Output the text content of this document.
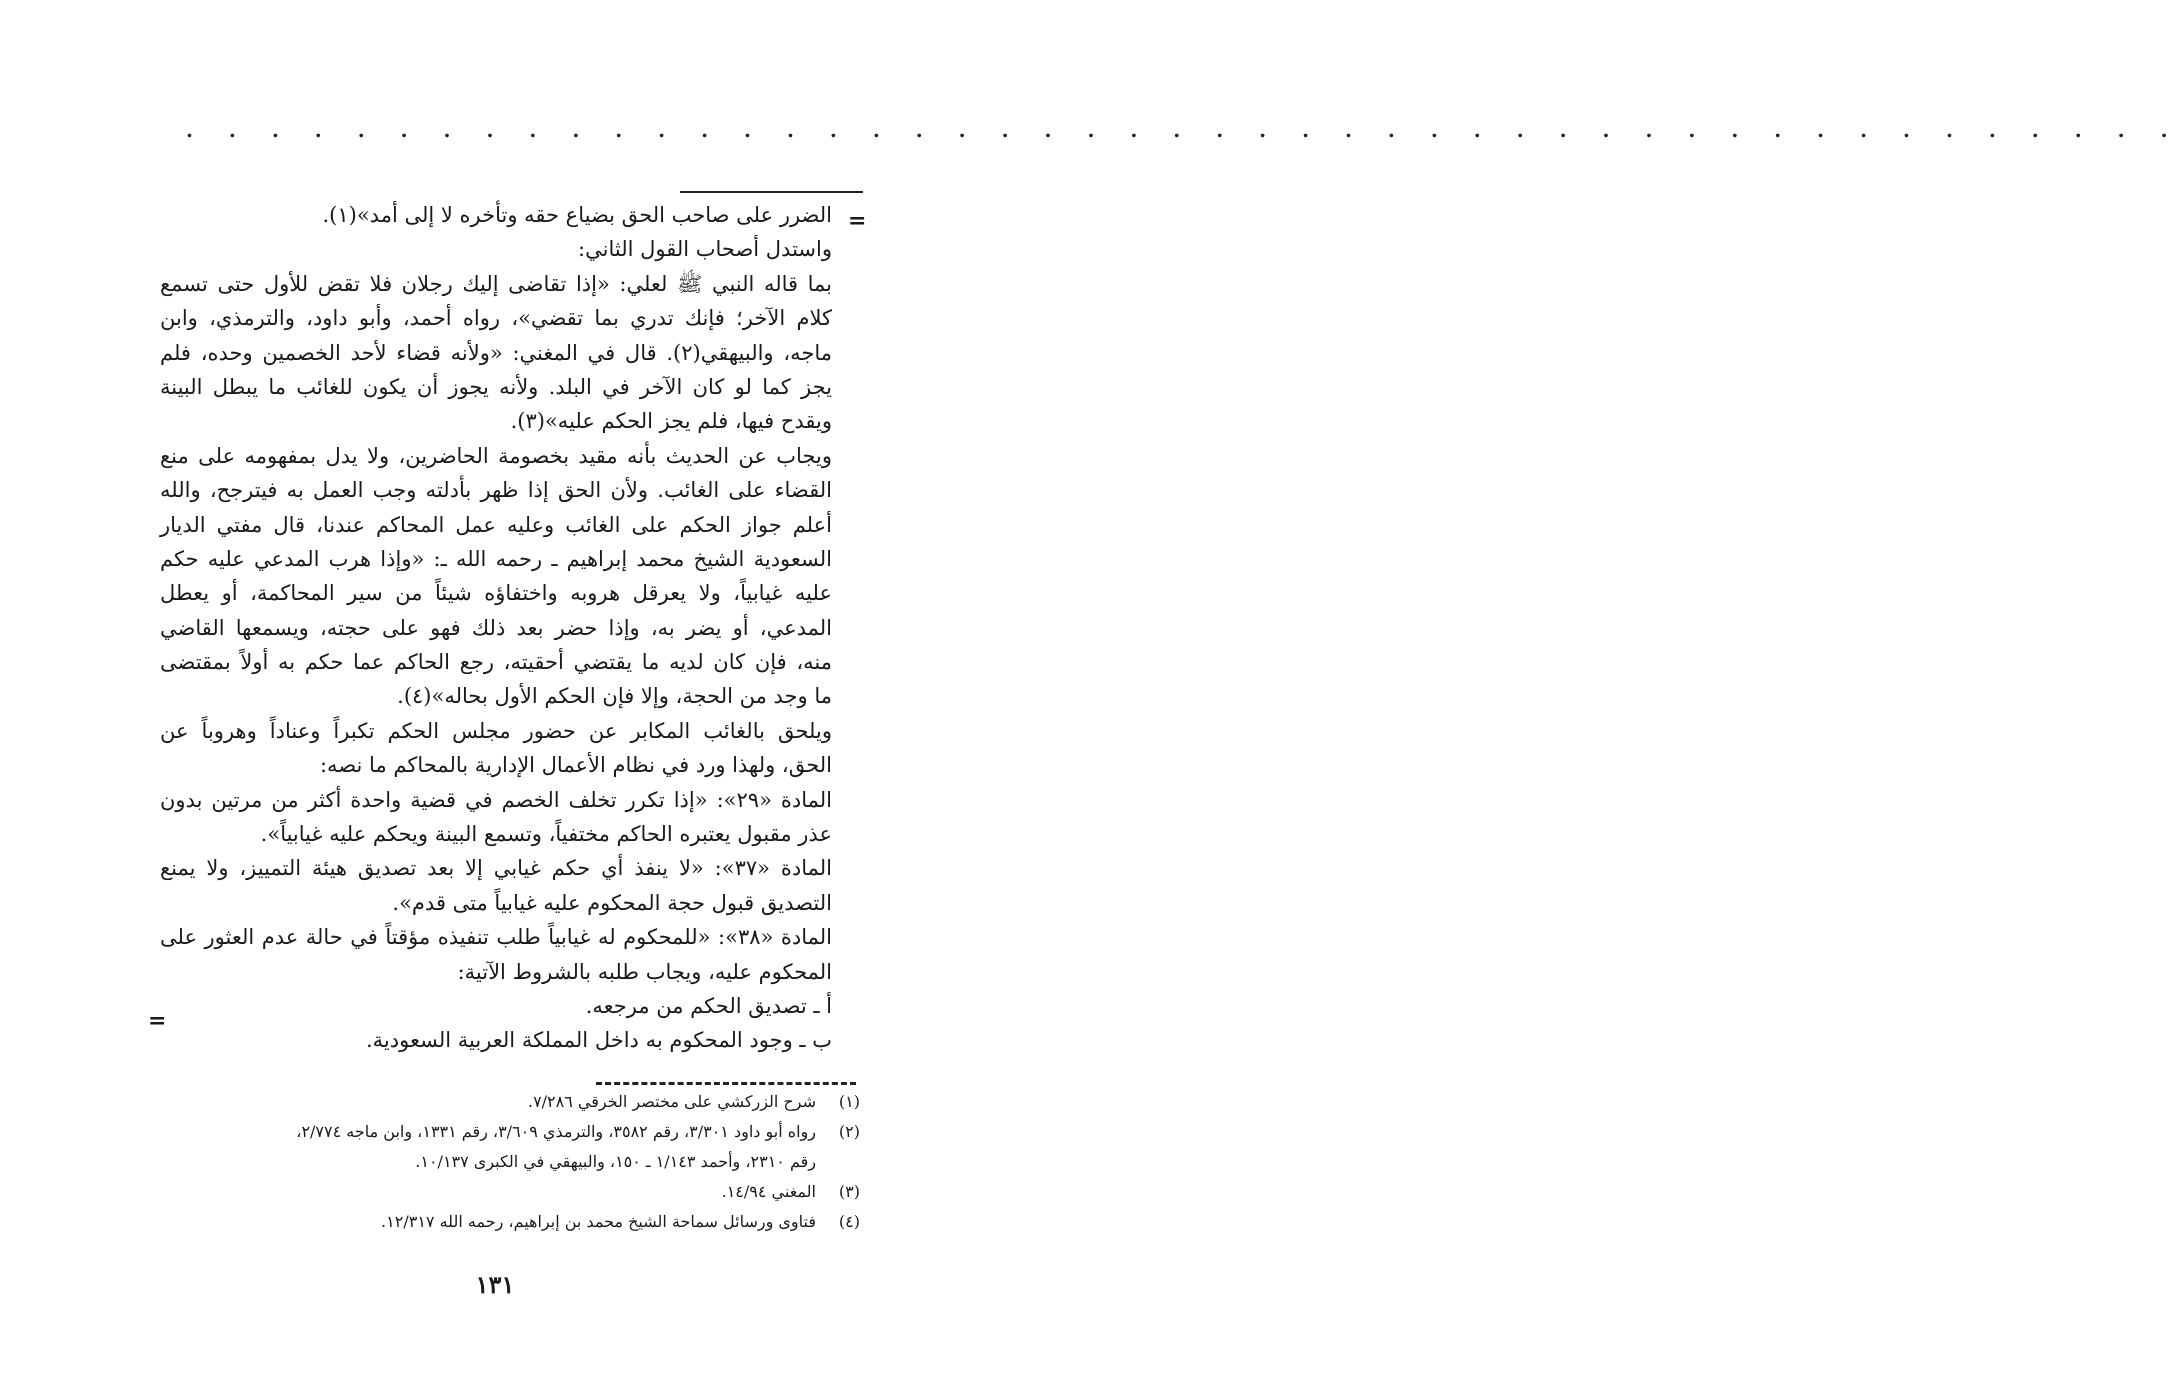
. . . . . . . . . . . . . . . . . . . . . . . . . . . . . . . . . . . . . . . . . . . . . . .
=
الضرر على صاحب الحق بضياع حقه وتأخره لا إلى أمد»(١).
واستدل أصحاب القول الثاني:
بما قاله النبي ﷺ لعلي: «إذا تقاضى إليك رجلان فلا تقض للأول حتى تسمع
كلام الآخر؛ فإنك تدري بما تقضي»، رواه أحمد، وأبو داود، والترمذي، وابن
ماجه، والبيهقي(٢). قال في المغني: «ولأنه قضاء لأحد الخصمين وحده، فلم
يجز كما لو كان الآخر في البلد. ولأنه يجوز أن يكون للغائب ما يبطل البينة
ويقدح فيها، فلم يجز الحكم عليه»(٣).
ويجاب عن الحديث بأنه مقيد بخصومة الحاضرين، ولا يدل بمفهومه على منع
القضاء على الغائب. ولأن الحق إذا ظهر بأدلته وجب العمل به فيترجح، والله
أعلم جواز الحكم على الغائب وعليه عمل المحاكم عندنا، قال مفتي الديار
السعودية الشيخ محمد إبراهيم ـ رحمه الله ـ: «وإذا هرب المدعي عليه حكم
عليه غيابياً، ولا يعرقل هروبه واختفاؤه شيئاً من سير المحاكمة، أو يعطل
المدعي، أو يضر به، وإذا حضر بعد ذلك فهو على حجته، ويسمعها القاضي
منه، فإن كان لديه ما يقتضي أحقيته، رجع الحاكم عما حكم به أولاً بمقتضى
ما وجد من الحجة، وإلا فإن الحكم الأول بحاله»(٤).
ويلحق بالغائب المكابر عن حضور مجلس الحكم تكبراً وعناداً وهروباً عن
الحق، ولهذا ورد في نظام الأعمال الإدارية بالمحاكم ما نصه:
المادة «٢٩»: «إذا تكرر تخلف الخصم في قضية واحدة أكثر من مرتين بدون
عذر مقبول يعتبره الحاكم مختفياً، وتسمع البينة ويحكم عليه غيابياً».
المادة «٣٧»: «لا ينفذ أي حكم غيابي إلا بعد تصديق هيئة التمييز، ولا يمنع
التصديق قبول حجة المحكوم عليه غيابياً متى قدم».
المادة «٣٨»: «للمحكوم له غيابياً طلب تنفيذه مؤقتاً في حالة عدم العثور على
المحكوم عليه، ويجاب طلبه بالشروط الآتية:
أ ـ تصديق الحكم من مرجعه.
ب ـ وجود المحكوم به داخل المملكة العربية السعودية.
=
(١)شرح الزركشي على مختصر الخرقي ٧/٢٨٦.
(٢)رواه أبو داود ٣/٣٠١، رقم ٣٥٨٢، والترمذي ٣/٦٠٩، رقم ١٣٣١، وابن ماجه ٢/٧٧٤،
رقم ٢٣١٠، وأحمد ١/١٤٣ ـ ١٥٠، والبيهقي في الكبرى ١٠/١٣٧.
(٣)المغني ١٤/٩٤.
(٤)فتاوى ورسائل سماحة الشيخ محمد بن إبراهيم، رحمه الله ١٢/٣١٧.
١٣١
